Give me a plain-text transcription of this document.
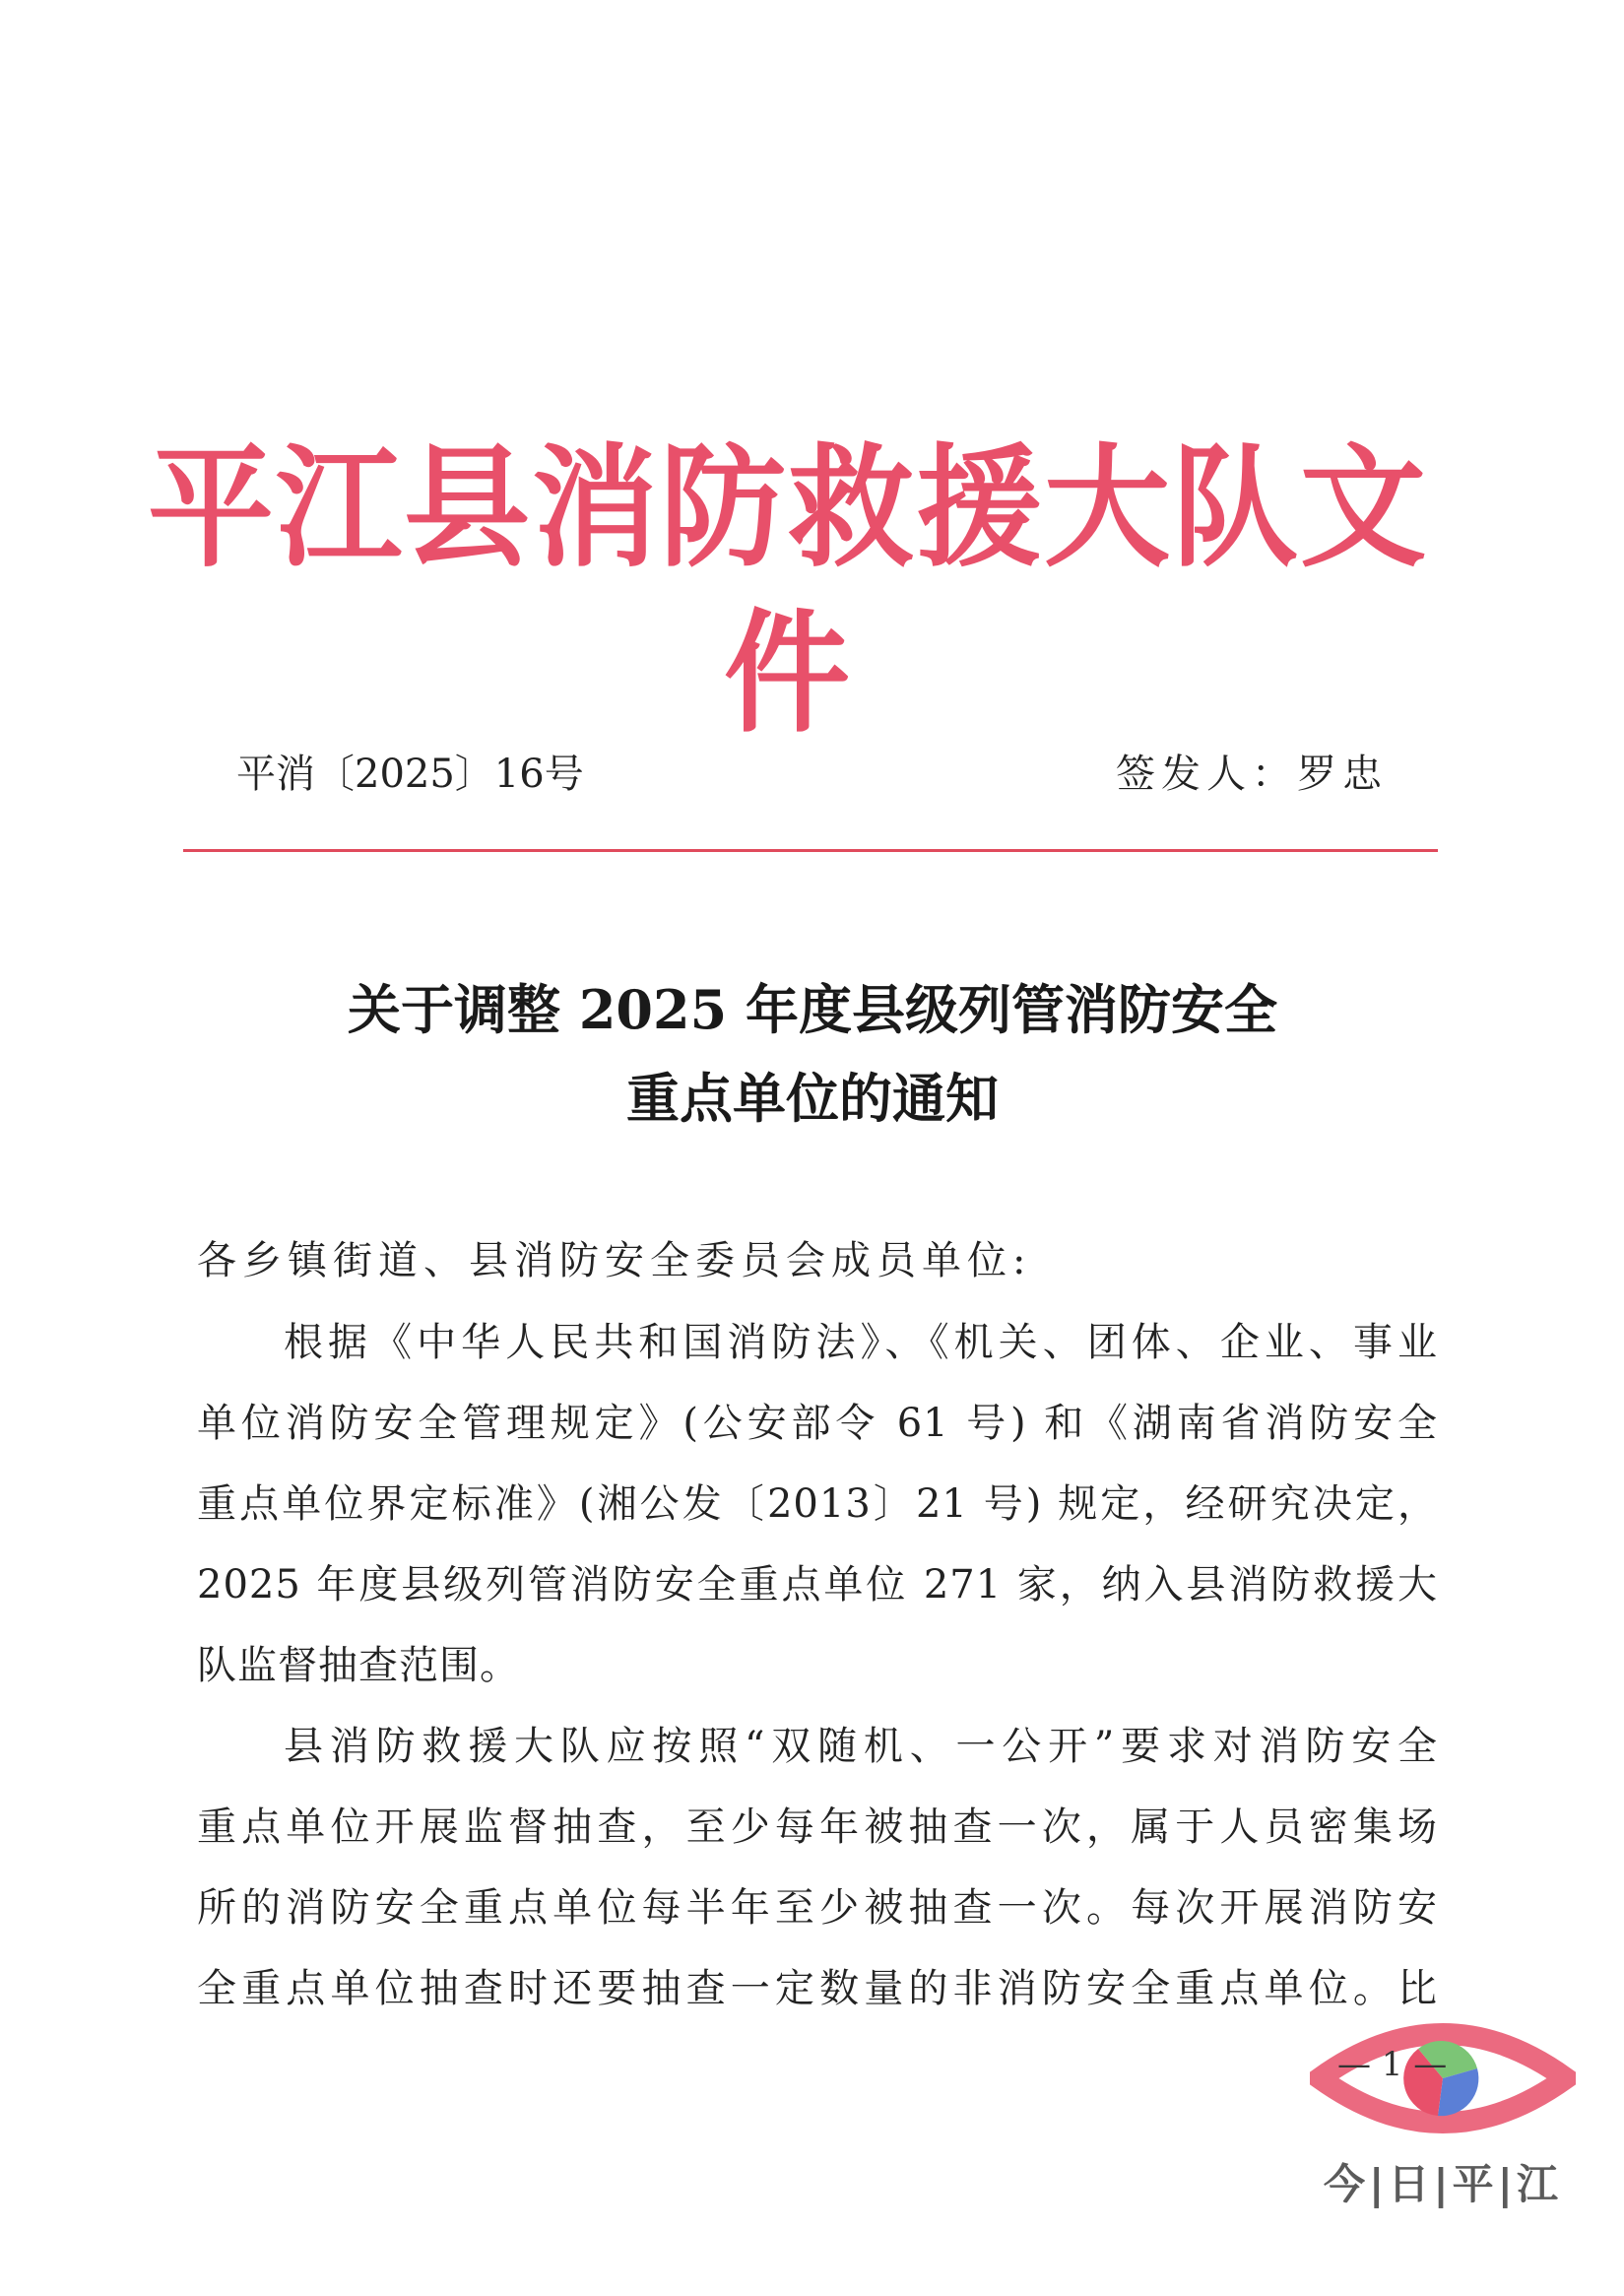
平江县消防救援大队文件
平消〔2025〕16号	签发人：罗忠
关于调整 2025 年度县级列管消防安全
重点单位的通知
各乡镇街道、县消防安全委员会成员单位:
根据《中华人民共和国消防法》、《机关、团体、企业、事业
单位消防安全管理规定》(公安部令 61 号) 和《湖南省消防安全
重点单位界定标准》(湘公发〔2013〕21 号) 规定，经研究决定，
2025 年度县级列管消防安全重点单位 271 家，纳入县消防救援大
队监督抽查范围。
县消防救援大队应按照“双随机、一公开”要求对消防安全
重点单位开展监督抽查，至少每年被抽查一次，属于人员密集场
所的消防安全重点单位每半年至少被抽查一次。每次开展消防安
全重点单位抽查时还要抽查一定数量的非消防安全重点单位。比
— 1 —
今|日|平|江
